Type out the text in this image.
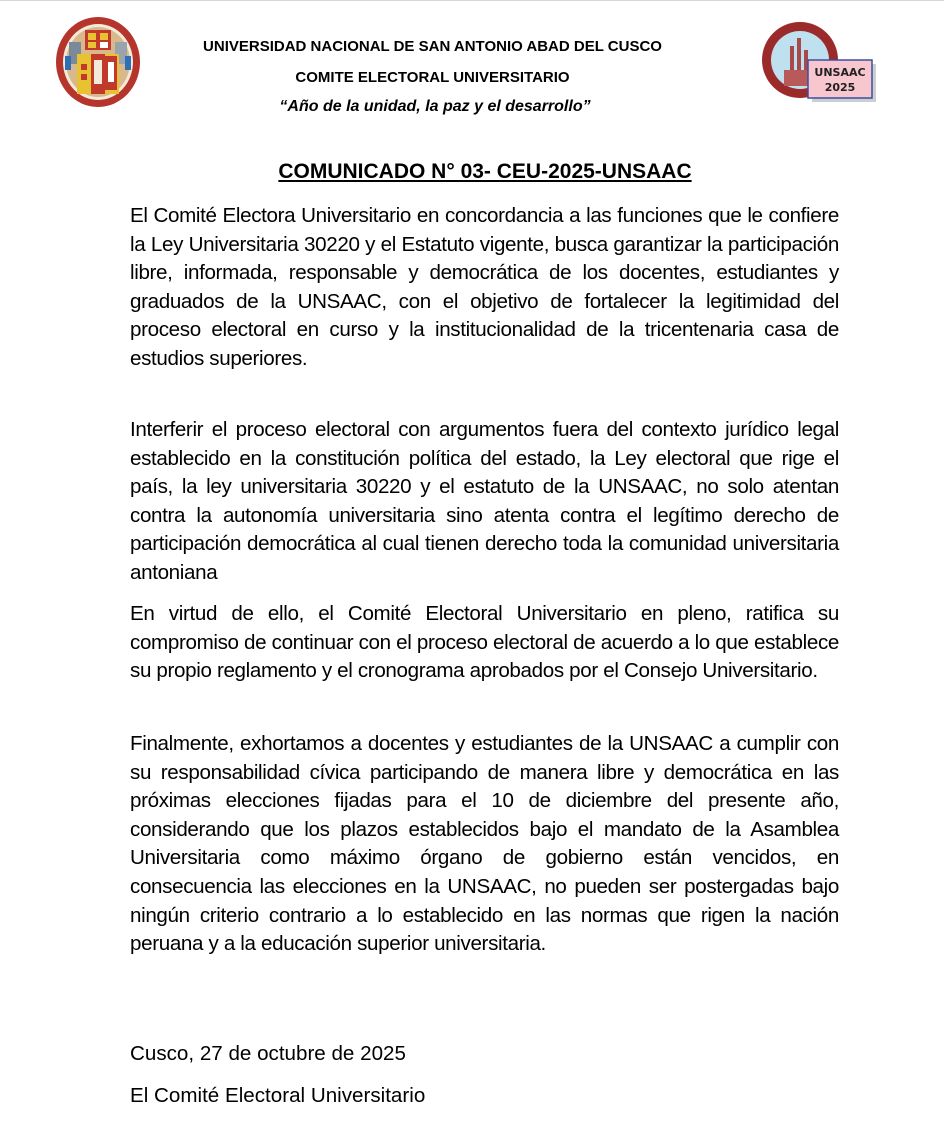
UNIVERSIDAD NACIONAL DE SAN ANTONIO ABAD DEL CUSCO
COMITE ELECTORAL UNIVERSITARIO
“Año de la unidad, la paz y el desarrollo”
UNSAAC
2025
COMUNICADO N° 03- CEU-2025-UNSAAC

El Comité Electora Universitario en concordancia a las funciones que le confiere la Ley Universitaria 30220 y el Estatuto vigente, busca garantizar la participación libre, informada, responsable y democrática de los docentes, estudiantes y graduados de la UNSAAC, con el objetivo de fortalecer la legitimidad del proceso electoral en curso y la institucionalidad de la tricentenaria casa de estudios superiores.

Interferir el proceso electoral con argumentos fuera del contexto jurídico legal establecido en la constitución política del estado, la Ley electoral que rige el país, la ley universitaria 30220 y el estatuto de la UNSAAC, no solo atentan contra la autonomía universitaria sino atenta contra el legítimo derecho de participación democrática al cual tienen derecho toda la comunidad universitaria antoniana

En virtud de ello, el Comité Electoral Universitario en pleno, ratifica su compromiso de continuar con el proceso electoral de acuerdo a lo que establece su propio reglamento y el cronograma aprobados por el Consejo Universitario.

Finalmente, exhortamos a docentes y estudiantes de la UNSAAC a cumplir con su responsabilidad cívica participando de manera libre y democrática en las próximas elecciones fijadas para el 10 de diciembre del presente año, considerando que los plazos establecidos bajo el mandato de la Asamblea Universitaria como máximo órgano de gobierno están vencidos, en consecuencia las elecciones en la UNSAAC, no pueden ser postergadas bajo ningún criterio contrario a lo establecido en las normas que rigen la nación peruana y a la educación superior universitaria.

Cusco, 27 de octubre de 2025
El Comité Electoral Universitario
